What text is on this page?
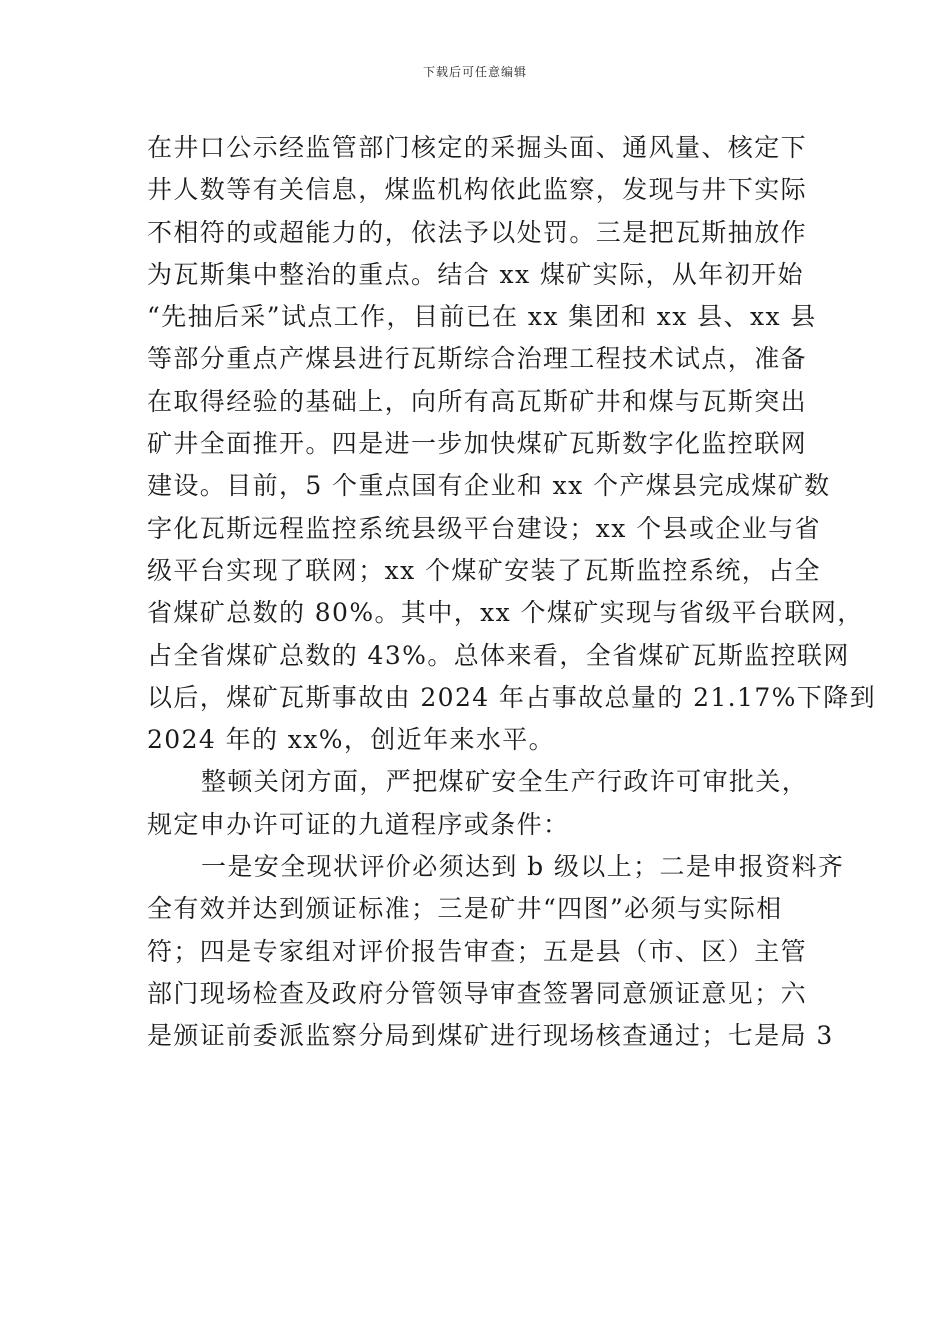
下载后可任意编辑
在井口公示经监管部门核定的采掘头面、通风量、核定下
井人数等有关信息，煤监机构依此监察，发现与井下实际
不相符的或超能力的，依法予以处罚。三是把瓦斯抽放作
为瓦斯集中整治的重点。结合 xx 煤矿实际，从年初开始
“先抽后采”试点工作，目前已在 xx 集团和 xx 县、xx 县
等部分重点产煤县进行瓦斯综合治理工程技术试点，准备
在取得经验的基础上，向所有高瓦斯矿井和煤与瓦斯突出
矿井全面推开。四是进一步加快煤矿瓦斯数字化监控联网
建设。目前，5 个重点国有企业和 xx 个产煤县完成煤矿数
字化瓦斯远程监控系统县级平台建设；xx 个县或企业与省
级平台实现了联网；xx 个煤矿安装了瓦斯监控系统，占全
省煤矿总数的 80%。其中，xx 个煤矿实现与省级平台联网，
占全省煤矿总数的 43%。总体来看，全省煤矿瓦斯监控联网
以后，煤矿瓦斯事故由 2024 年占事故总量的 21.17%下降到
2024 年的 xx%，创近年来水平。
整顿关闭方面，严把煤矿安全生产行政许可审批关，
规定申办许可证的九道程序或条件：
一是安全现状评价必须达到 b 级以上；二是申报资料齐
全有效并达到颁证标准；三是矿井“四图”必须与实际相
符；四是专家组对评价报告审查；五是县（市、区）主管
部门现场检查及政府分管领导审查签署同意颁证意见；六
是颁证前委派监察分局到煤矿进行现场核查通过；七是局 3
